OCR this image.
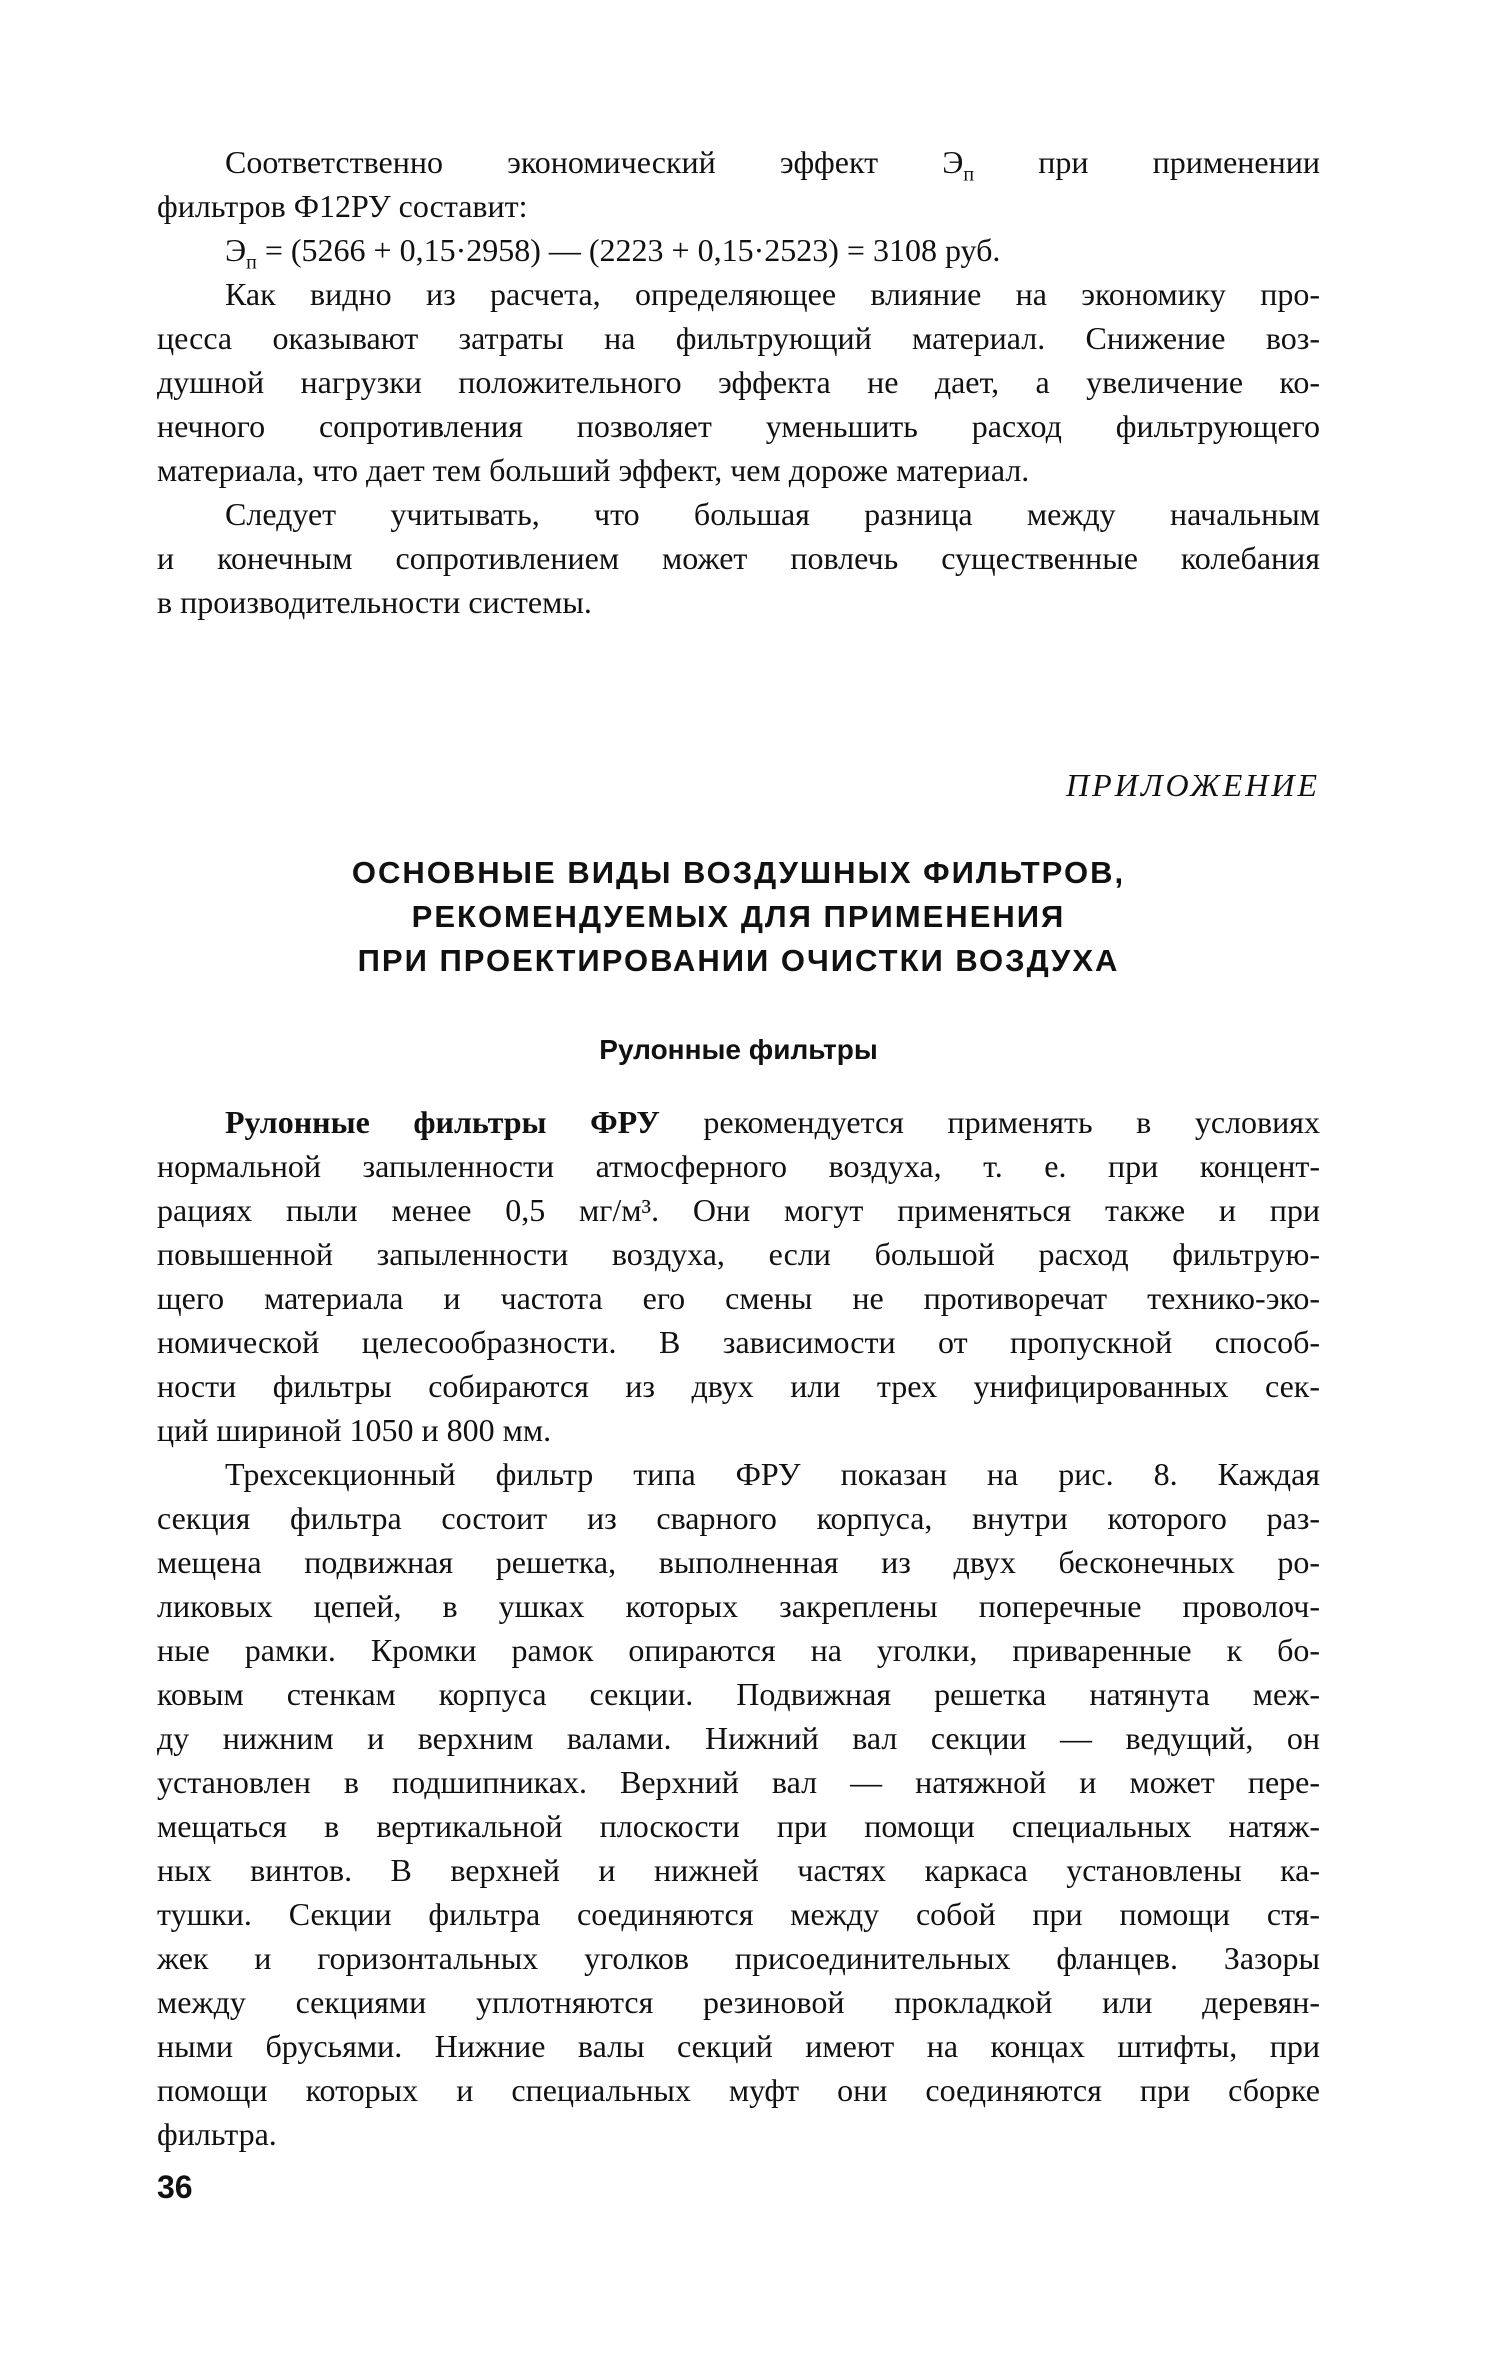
Соответственно экономический эффект $Э_п$ при применении
фильтров Ф12РУ составит:
$Э_п = (5266 + 0,15\cdot 2958)$ — (2223 + 0,15·2523) = 3108 руб.
Как видно из расчета, определяющее влияние на экономику про-
цесса оказывают затраты на фильтрующий материал. Снижение воз-
душной нагрузки положительного эффекта не дает, а увеличение ко-
нечного сопротивления позволяет уменьшить расход фильтрующего
материала, что дает тем больший эффект, чем дороже материал.
Следует учитывать, что большая разница между начальным
и конечным сопротивлением может повлечь существенные колебания
в производительности системы.
ПРИЛОЖЕНИЕ
ОСНОВНЫЕ ВИДЫ ВОЗДУШНЫХ ФИЛЬТРОВ,
РЕКОМЕНДУЕМЫХ ДЛЯ ПРИМЕНЕНИЯ
ПРИ ПРОЕКТИРОВАНИИ ОЧИСТКИ ВОЗДУХА
Рулонные фильтры
Рулонные фильтры ФРУ рекомендуется применять в условиях
нормальной запыленности атмосферного воздуха, т. е. при концент-
рациях пыли менее 0,5 мг/м³. Они могут применяться также и при
повышенной запыленности воздуха, если большой расход фильтрую-
щего материала и частота его смены не противоречат технико-эко-
номической целесообразности. В зависимости от пропускной способ-
ности фильтры собираются из двух или трех унифицированных сек-
ций шириной 1050 и 800 мм.
Трехсекционный фильтр типа ФРУ показан на рис. 8. Каждая
секция фильтра состоит из сварного корпуса, внутри которого раз-
мещена подвижная решетка, выполненная из двух бесконечных ро-
ликовых цепей, в ушках которых закреплены поперечные проволоч-
ные рамки. Кромки рамок опираются на уголки, приваренные к бо-
ковым стенкам корпуса секции. Подвижная решетка натянута меж-
ду нижним и верхним валами. Нижний вал секции — ведущий, он
установлен в подшипниках. Верхний вал — натяжной и может пере-
мещаться в вертикальной плоскости при помощи специальных натяж-
ных винтов. В верхней и нижней частях каркаса установлены ка-
тушки. Секции фильтра соединяются между собой при помощи стя-
жек и горизонтальных уголков присоединительных фланцев. Зазоры
между секциями уплотняются резиновой прокладкой или деревян-
ными брусьями. Нижние валы секций имеют на концах штифты, при
помощи которых и специальных муфт они соединяются при сборке
фильтра.
36
